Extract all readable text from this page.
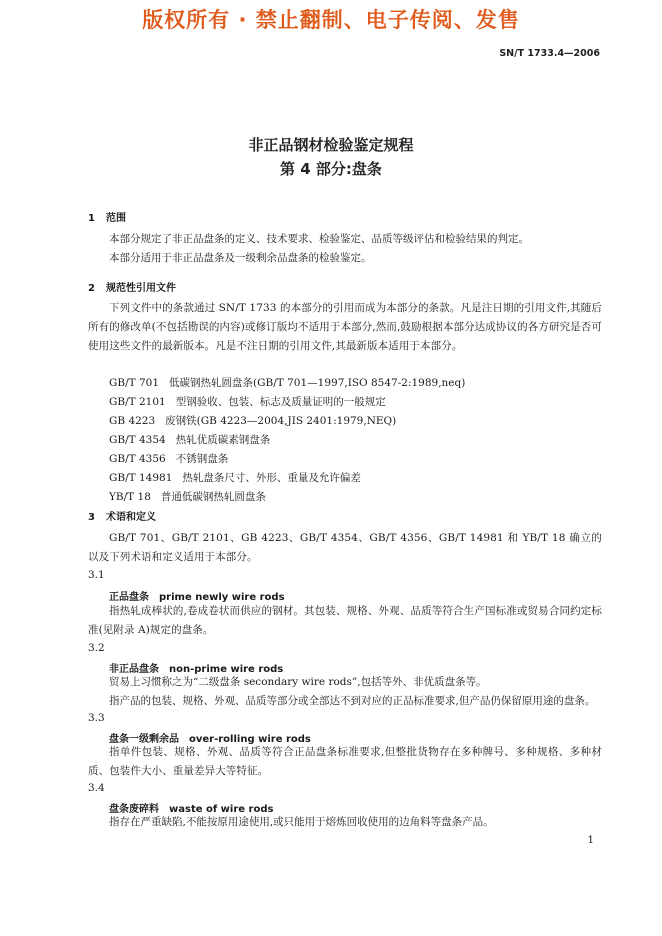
版权所有 · 禁止翻制、电子传阅、发售

SN/T 1733.4—2006

非正品钢材检验鉴定规程

第 4 部分:盘条

1 范围

本部分规定了非正品盘条的定义、技术要求、检验鉴定、品质等级评估和检验结果的判定。

本部分适用于非正品盘条及一级剩余品盘条的检验鉴定。

2 规范性引用文件

下列文件中的条款通过 SN/T 1733 的本部分的引用而成为本部分的条款。凡是注日期的引用文件,其随后所有的修改单(不包括勘误的内容)或修订版均不适用于本部分,然而,鼓励根据本部分达成协议的各方研究是否可使用这些文件的最新版本。凡是不注日期的引用文件,其最新版本适用于本部分。

GB/T 701 低碳钢热轧圆盘条(GB/T 701—1997,ISO 8547-2:1989,neq)

GB/T 2101 型钢验收、包装、标志及质量证明的一般规定

GB 4223 废钢铁(GB 4223—2004,JIS 2401:1979,NEQ)

GB/T 4354 热轧优质碳素钢盘条

GB/T 4356 不锈钢盘条

GB/T 14981 热轧盘条尺寸、外形、重量及允许偏差

YB/T 18 普通低碳钢热轧圆盘条

3 术语和定义

GB/T 701、GB/T 2101、GB 4223、GB/T 4354、GB/T 4356、GB/T 14981 和 YB/T 18 确立的以及下列术语和定义适用于本部分。

3.1

正品盘条 prime newly wire rods

指热轧成棒状的,卷成卷状而供应的钢材。其包装、规格、外观、品质等符合生产国标准或贸易合同约定标准(见附录 A)规定的盘条。

3.2

非正品盘条 non-prime wire rods

贸易上习惯称之为“二级盘条 secondary wire rods”,包括等外、非优质盘条等。

指产品的包装、规格、外观、品质等部分或全部达不到对应的正品标准要求,但产品仍保留原用途的盘条。

3.3

盘条一级剩余品 over-rolling wire rods

指单件包装、规格、外观、品质等符合正品盘条标准要求,但整批货物存在多种牌号、多种规格、多种材质、包装件大小、重量差异大等特征。

3.4

盘条废碎料 waste of wire rods

指存在严重缺陷,不能按原用途使用,或只能用于熔炼回收使用的边角料等盘条产品。

1
